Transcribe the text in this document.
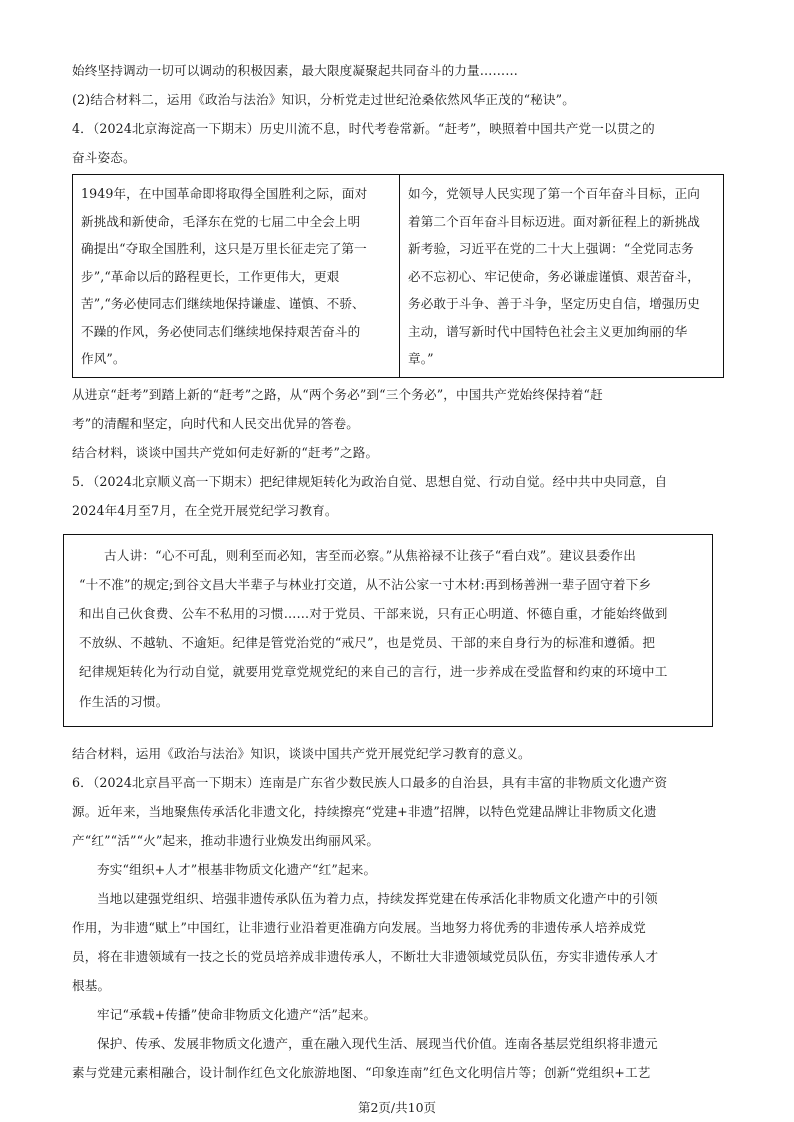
始终坚持调动一切可以调动的积极因素，最大限度凝聚起共同奋斗的力量………
(2)结合材料二，运用《政治与法治》知识，分析党走过世纪沧桑依然风华正茂的“秘诀”。
4．（2024北京海淀高一下期末）历史川流不息，时代考卷常新。“赶考”，映照着中国共产党一以贯之的
奋斗姿态。
1949年，在中国革命即将取得全国胜利之际，面对
新挑战和新使命，毛泽东在党的七届二中全会上明
确提出“夺取全国胜利，这只是万里长征走完了第一
步”,“革命以后的路程更长，工作更伟大，更艰
苦”,“务必使同志们继续地保持谦虚、谨慎、不骄、
不躁的作风，务必使同志们继续地保持艰苦奋斗的
作风”。

如今，党领导人民实现了第一个百年奋斗目标，正向
着第二个百年奋斗目标迈进。面对新征程上的新挑战
新考验，习近平在党的二十大上强调：“全党同志务
必不忘初心、牢记使命，务必谦虚谨慎、艰苦奋斗，
务必敢于斗争、善于斗争，坚定历史自信，增强历史
主动，谱写新时代中国特色社会主义更加绚丽的华
章。”
从进京“赶考”到踏上新的“赶考”之路，从“两个务必”到“三个务必”，中国共产党始终保持着“赶
考”的清醒和坚定，向时代和人民交出优异的答卷。
结合材料，谈谈中国共产党如何走好新的“赶考”之路。
5．（2024北京顺义高一下期末）把纪律规矩转化为政治自觉、思想自觉、行动自觉。经中共中央同意，自
2024年4月至7月，在全党开展党纪学习教育。
古人讲：“心不可乱，则利至而必知，害至而必察。”从焦裕禄不让孩子“看白戏”。建议县委作出
“十不准”的规定;到谷文昌大半辈子与林业打交道，从不沾公家一寸木材:再到杨善洲一辈子固守着下乡
和出自己伙食费、公车不私用的习惯……对于党员、干部来说，只有正心明道、怀德自重，才能始终做到
不放纵、不越轨、不逾矩。纪律是管党治党的“戒尺”，也是党员、干部的来自身行为的标准和遵循。把
纪律规矩转化为行动自觉，就要用党章党规党纪的来自己的言行，进一步养成在受监督和约束的环境中工
作生活的习惯。
结合材料，运用《政治与法治》知识，谈谈中国共产党开展党纪学习教育的意义。
6．（2024北京昌平高一下期末）连南是广东省少数民族人口最多的自治县，具有丰富的非物质文化遗产资
源。近年来，当地聚焦传承活化非遗文化，持续擦亮“党建+非遗”招牌，以特色党建品牌让非物质文化遗
产“红”“活”“火”起来，推动非遗行业焕发出绚丽风采。
夯实“组织+人才”根基非物质文化遗产“红”起来。
当地以建强党组织、培强非遗传承队伍为着力点，持续发挥党建在传承活化非物质文化遗产中的引领
作用，为非遗“赋上”中国红，让非遗行业沿着更准确方向发展。当地努力将优秀的非遗传承人培养成党
员，将在非遗领域有一技之长的党员培养成非遗传承人，不断壮大非遗领域党员队伍，夯实非遗传承人才
根基。
牢记“承载+传播”使命非物质文化遗产“活”起来。
保护、传承、发展非物质文化遗产，重在融入现代生活、展现当代价值。连南各基层党组织将非遗元
素与党建元素相融合，设计制作红色文化旅游地图、“印象连南”红色文化明信片等；创新“党组织+工艺
第2页/共10页
